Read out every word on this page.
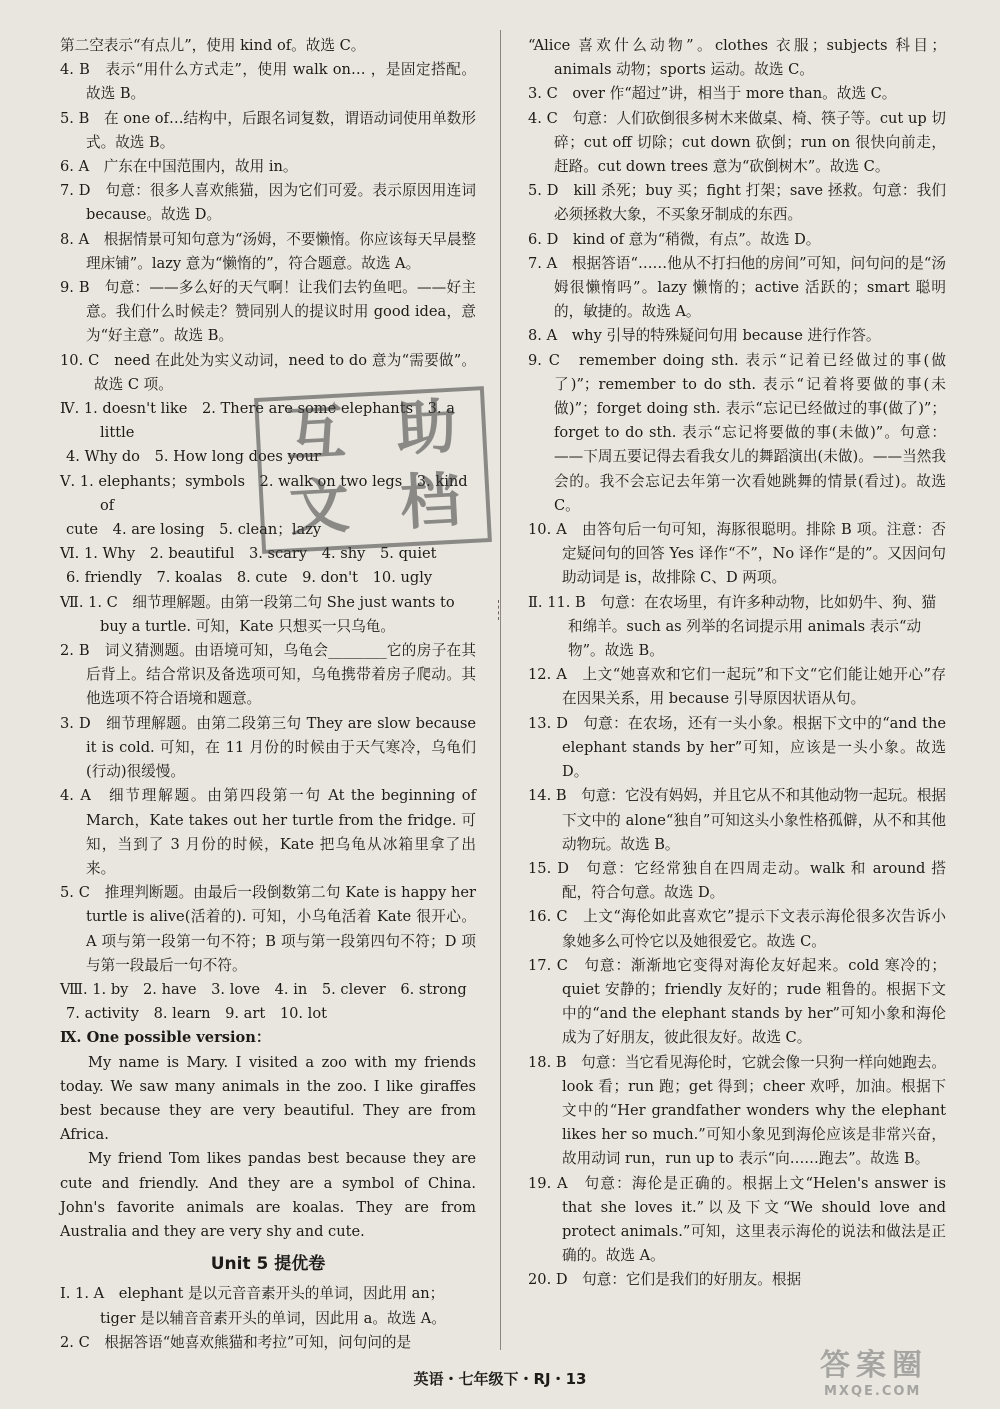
第二空表示“有点儿”，使用 kind of。故选 C。
4. B　表示“用什么方式走”，使用 walk on… ，是固定搭配。故选 B。
5. B　在 one of…结构中，后跟名词复数，谓语动词使用单数形式。故选 B。
6. A　广东在中国范围内，故用 in。
7. D　句意：很多人喜欢熊猫，因为它们可爱。表示原因用连词 because。故选 D。
8. A　根据情景可知句意为“汤姆，不要懒惰。你应该每天早晨整理床铺”。lazy 意为“懒惰的”，符合题意。故选 A。
9. B　句意：——多么好的天气啊！让我们去钓鱼吧。——好主意。我们什么时候走？赞同别人的提议时用 good idea，意为“好主意”。故选 B。
10. C　need 在此处为实义动词，need to do 意为“需要做”。故选 C 项。
Ⅳ. 1. doesn't like　2. There are some elephants　3. a little
4. Why do　5. How long does your
Ⅴ. 1. elephants；symbols　2. walk on two legs　3. kind of
cute　4. are losing　5. clean；lazy
Ⅵ. 1. Why　2. beautiful　3. scary　4. shy　5. quiet
6. friendly　7. koalas　8. cute　9. don't　10. ugly
Ⅶ. 1. C　细节理解题。由第一段第二句 She just wants to buy a turtle. 可知，Kate 只想买一只乌龟。
2. B　词义猜测题。由语境可知，乌龟会________它的房子在其后背上。结合常识及备选项可知，乌龟携带着房子爬动。其他选项不符合语境和题意。
3. D　细节理解题。由第二段第三句 They are slow because it is cold. 可知，在 11 月份的时候由于天气寒冷，乌龟们(行动)很缓慢。
4. A　细节理解题。由第四段第一句 At the beginning of March，Kate takes out her turtle from the fridge. 可知，当到了 3 月份的时候，Kate 把乌龟从冰箱里拿了出来。
5. C　推理判断题。由最后一段倒数第二句 Kate is happy her turtle is alive(活着的). 可知，小乌龟活着 Kate 很开心。A 项与第一段第一句不符；B 项与第一段第四句不符；D 项与第一段最后一句不符。
Ⅷ. 1. by　2. have　3. love　4. in　5. clever　6. strong
7. activity　8. learn　9. art　10. lot
Ⅸ. One possible version：
My name is Mary. I visited a zoo with my friends today. We saw many animals in the zoo. I like giraffes best because they are very beautiful. They are from Africa.
My friend Tom likes pandas best because they are cute and friendly. And they are a symbol of China. John's favorite animals are koalas. They are from Australia and they are very shy and cute.
Unit 5 提优卷
Ⅰ. 1. A　elephant 是以元音音素开头的单词，因此用 an；tiger 是以辅音音素开头的单词，因此用 a。故选 A。
2. C　根据答语“她喜欢熊猫和考拉”可知，问句问的是
“Alice 喜欢什么动物”。clothes 衣服；subjects 科目；animals 动物；sports 运动。故选 C。
3. C　over 作“超过”讲，相当于 more than。故选 C。
4. C　句意：人们砍倒很多树木来做桌、椅、筷子等。cut up 切碎；cut off 切除；cut down 砍倒；run on 很快向前走，赶路。cut down trees 意为“砍倒树木”。故选 C。
5. D　kill 杀死；buy 买；fight 打架；save 拯救。句意：我们必须拯救大象，不买象牙制成的东西。
6. D　kind of 意为“稍微，有点”。故选 D。
7. A　根据答语“……他从不打扫他的房间”可知，问句问的是“汤姆很懒惰吗”。lazy 懒惰的；active 活跃的；smart 聪明的，敏捷的。故选 A。
8. A　why 引导的特殊疑问句用 because 进行作答。
9. C　remember doing sth. 表示“记着已经做过的事(做了)”；remember to do sth. 表示“记着将要做的事(未做)”；forget doing sth. 表示“忘记已经做过的事(做了)”；forget to do sth. 表示“忘记将要做的事(未做)”。句意：——下周五要记得去看我女儿的舞蹈演出(未做)。——当然我会的。我不会忘记去年第一次看她跳舞的情景(看过)。故选 C。
10. A　由答句后一句可知，海豚很聪明。排除 B 项。注意：否定疑问句的回答 Yes 译作“不”，No 译作“是的”。又因问句助动词是 is，故排除 C、D 两项。
Ⅱ. 11. B　句意：在农场里，有许多种动物，比如奶牛、狗、猫和绵羊。such as 列举的名词提示用 animals 表示“动物”。故选 B。
12. A　上文“她喜欢和它们一起玩”和下文“它们能让她开心”存在因果关系，用 because 引导原因状语从句。
13. D　句意：在农场，还有一头小象。根据下文中的“and the elephant stands by her”可知，应该是一头小象。故选 D。
14. B　句意：它没有妈妈，并且它从不和其他动物一起玩。根据下文中的 alone“独自”可知这头小象性格孤僻，从不和其他动物玩。故选 B。
15. D　句意：它经常独自在四周走动。walk 和 around 搭配，符合句意。故选 D。
16. C　上文“海伦如此喜欢它”提示下文表示海伦很多次告诉小象她多么可怜它以及她很爱它。故选 C。
17. C　句意：渐渐地它变得对海伦友好起来。cold 寒冷的；quiet 安静的；friendly 友好的；rude 粗鲁的。根据下文中的“and the elephant stands by her”可知小象和海伦成为了好朋友，彼此很友好。故选 C。
18. B　句意：当它看见海伦时，它就会像一只狗一样向她跑去。look 看；run 跑；get 得到；cheer 欢呼，加油。根据下文中的“Her grandfather wonders why the elephant likes her so much.”可知小象见到海伦应该是非常兴奋，故用动词 run，run up to 表示“向……跑去”。故选 B。
19. A　句意：海伦是正确的。根据上文“Helen's answer is that she loves it.”以及下文“We should love and protect animals.”可知，这里表示海伦的说法和做法是正确的。故选 A。
20. D　句意：它们是我们的好朋友。根据
互 助
文 档
英语・七年级下・RJ・13	答案圈
MXQE.COM
